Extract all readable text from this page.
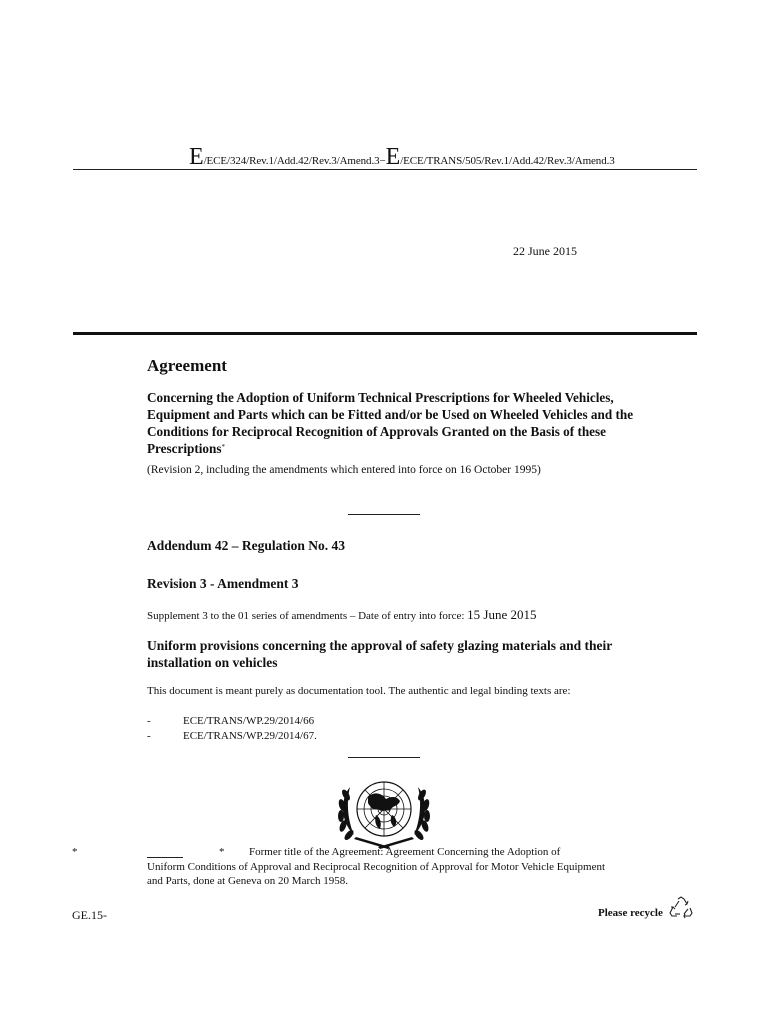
E/ECE/324/Rev.1/Add.42/Rev.3/Amend.3−E/ECE/TRANS/505/Rev.1/Add.42/Rev.3/Amend.3
22 June 2015
Agreement
Concerning the Adoption of Uniform Technical Prescriptions for Wheeled Vehicles, Equipment and Parts which can be Fitted and/or be Used on Wheeled Vehicles and the Conditions for Reciprocal Recognition of Approvals Granted on the Basis of these Prescriptions*
(Revision 2, including the amendments which entered into force on 16 October 1995)
Addendum 42 – Regulation No. 43
Revision 3 - Amendment 3
Supplement 3 to the 01 series of amendments – Date of entry into force: 15 June 2015
Uniform provisions concerning the approval of safety glazing materials and their installation on vehicles
This document is meant purely as documentation tool. The authentic and legal binding texts are:
-	ECE/TRANS/WP.29/2014/66
-	ECE/TRANS/WP.29/2014/67.
*	* Former title of the Agreement: Agreement Concerning the Adoption of
Uniform Conditions of Approval and Reciprocal Recognition of Approval for Motor Vehicle Equipment and Parts, done at Geneva on 20 March 1958.
GE.15-	Please recycle
